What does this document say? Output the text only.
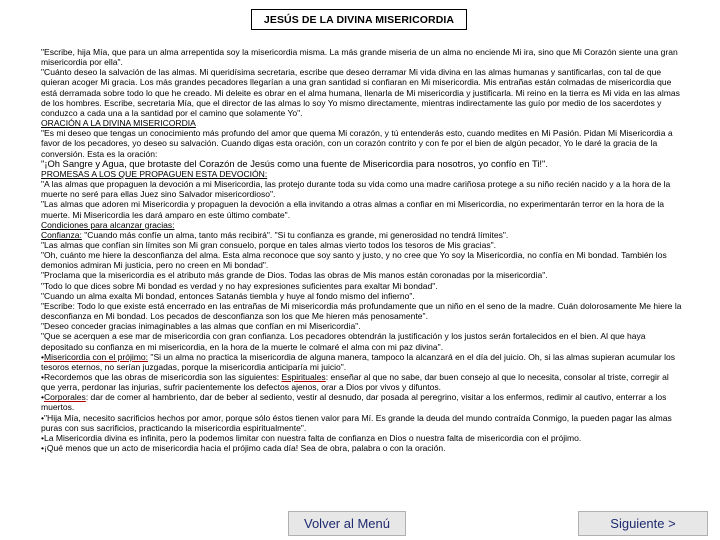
JESÚS DE LA DIVINA MISERICORDIA

"Escribe, hija Mía, que para un alma arrepentida soy la misericordia misma. La más grande miseria de un alma no enciende Mi ira, sino que Mi Corazón siente una gran misericordia por ella".

"Cuánto deseo la salvación de las almas. Mi queridísima secretaria, escribe que deseo derramar Mi vida divina en las almas humanas y santificarlas, con tal de que quieran acoger Mi gracia. Los más grandes pecadores llegarían a una gran santidad si confiaran en Mi misericordia. Mis entrañas están colmadas de misericordia que está derramada sobre todo lo que he creado. Mi deleite es obrar en el alma humana, llenarla de Mi misericordia y justificarla. Mi reino en la tierra es Mi vida en las almas de los hombres. Escribe, secretaria Mía, que el director de las almas lo soy Yo mismo directamente, mientras indirectamente las guío por medio de los sacerdotes y conduzco a cada una a la santidad por el camino que solamente Yo".

ORACIÓN A LA DIVINA MISERICORDIA

"Es mi deseo que tengas un conocimiento más profundo del amor que quema Mi corazón, y tú entenderás esto, cuando medites en Mi Pasión. Pidan Mi Misericordia a favor de los pecadores, yo deseo su salvación. Cuando digas esta oración, con un corazón contrito y con fe por el bien de algún pecador, Yo le daré la gracia de la conversión. Esta es la oración:

"¡Oh Sangre y Agua, que brotaste del Corazón de Jesús como una fuente de Misericordia para nosotros, yo confío en Ti!".

PROMESAS A LOS QUE PROPAGUEN ESTA DEVOCIÓN:

"A las almas que propaguen la devoción a mi Misericordia, las protejo durante toda su vida como una madre cariñosa protege a su niño recién nacido y a la hora de la muerte no seré para ellas Juez sino Salvador misericordioso".

"Las almas que adoren mi Misericordia y propaguen la devoción a ella invitando a otras almas a confiar en mi Misericordia, no experimentarán terror en la hora de la muerte. Mi Misericordia les dará amparo en este último combate".

Condiciones para alcanzar gracias:

Confianza: "Cuando más confíe un alma, tanto más recibirá". "Si tu confianza es grande, mi generosidad no tendrá límites".

"Las almas que confían sin límites son Mi gran consuelo, porque en tales almas vierto todos los tesoros de Mis gracias".

"Oh, cuánto me hiere la desconfianza del alma. Esta alma reconoce que soy santo y justo, y no cree que Yo soy la Misericordia, no confía en Mi bondad. También los demonios admiran Mi justicia, pero no creen en Mi bondad".

"Proclama que la misericordia es el atributo más grande de Dios. Todas las obras de Mis manos están coronadas por la misericordia".

"Todo lo que dices sobre Mi bondad es verdad y no hay expresiones suficientes para exaltar Mi bondad".

"Cuando un alma exalta Mi bondad, entonces Satanás tiembla y huye al fondo mismo del infierno".

"Escribe: Todo lo que existe está encerrado en las entrañas de Mi misericordia más profundamente que un niño en el seno de la madre. Cuán dolorosamente Me hiere la desconfianza en Mi bondad. Los pecados de desconfianza son los que Me hieren más penosamente".

"Deseo conceder gracias inimaginables a las almas que confían en mi Misericordia".

"Que se acerquen a ese mar de misericordia con gran confianza. Los pecadores obtendrán la justificación y los justos serán fortalecidos en el bien. Al que haya depositado su confianza en mi misericordia, en la hora de la muerte le colmaré el alma con mi paz divina".

•Misericordia con el prójimo: "Si un alma no practica la misericordia de alguna manera, tampoco la alcanzará en el día del juicio. Oh, si las almas supieran acumular los tesoros eternos, no serían juzgadas, porque la misericordia anticiparía mi juicio".

•Recordemos que las obras de misericordia son las siguientes: Espirituales: enseñar al que no sabe, dar buen consejo al que lo necesita, consolar al triste, corregir al que yerra, perdonar las injurias, sufrir pacientemente los defectos ajenos, orar a Dios por vivos y difuntos.

•Corporales: dar de comer al hambriento, dar de beber al sediento, vestir al desnudo, dar posada al peregrino, visitar a los enfermos, redimir al cautivo, enterrar a los muertos.

•"Hija Mía, necesito sacrificios hechos por amor, porque sólo éstos tienen valor para Mí. Es grande la deuda del mundo contraída Conmigo, la pueden pagar las almas puras con sus sacrificios, practicando la misericordia espiritualmente".

•La Misericordia divina es infinita, pero la podemos limitar con nuestra falta de confianza en Dios o nuestra falta de misericordia con el prójimo.

•¡Qué menos que un acto de misericordia hacia el prójimo cada día! Sea de obra, palabra o con la oración.

Volver al Menú	Siguiente >
